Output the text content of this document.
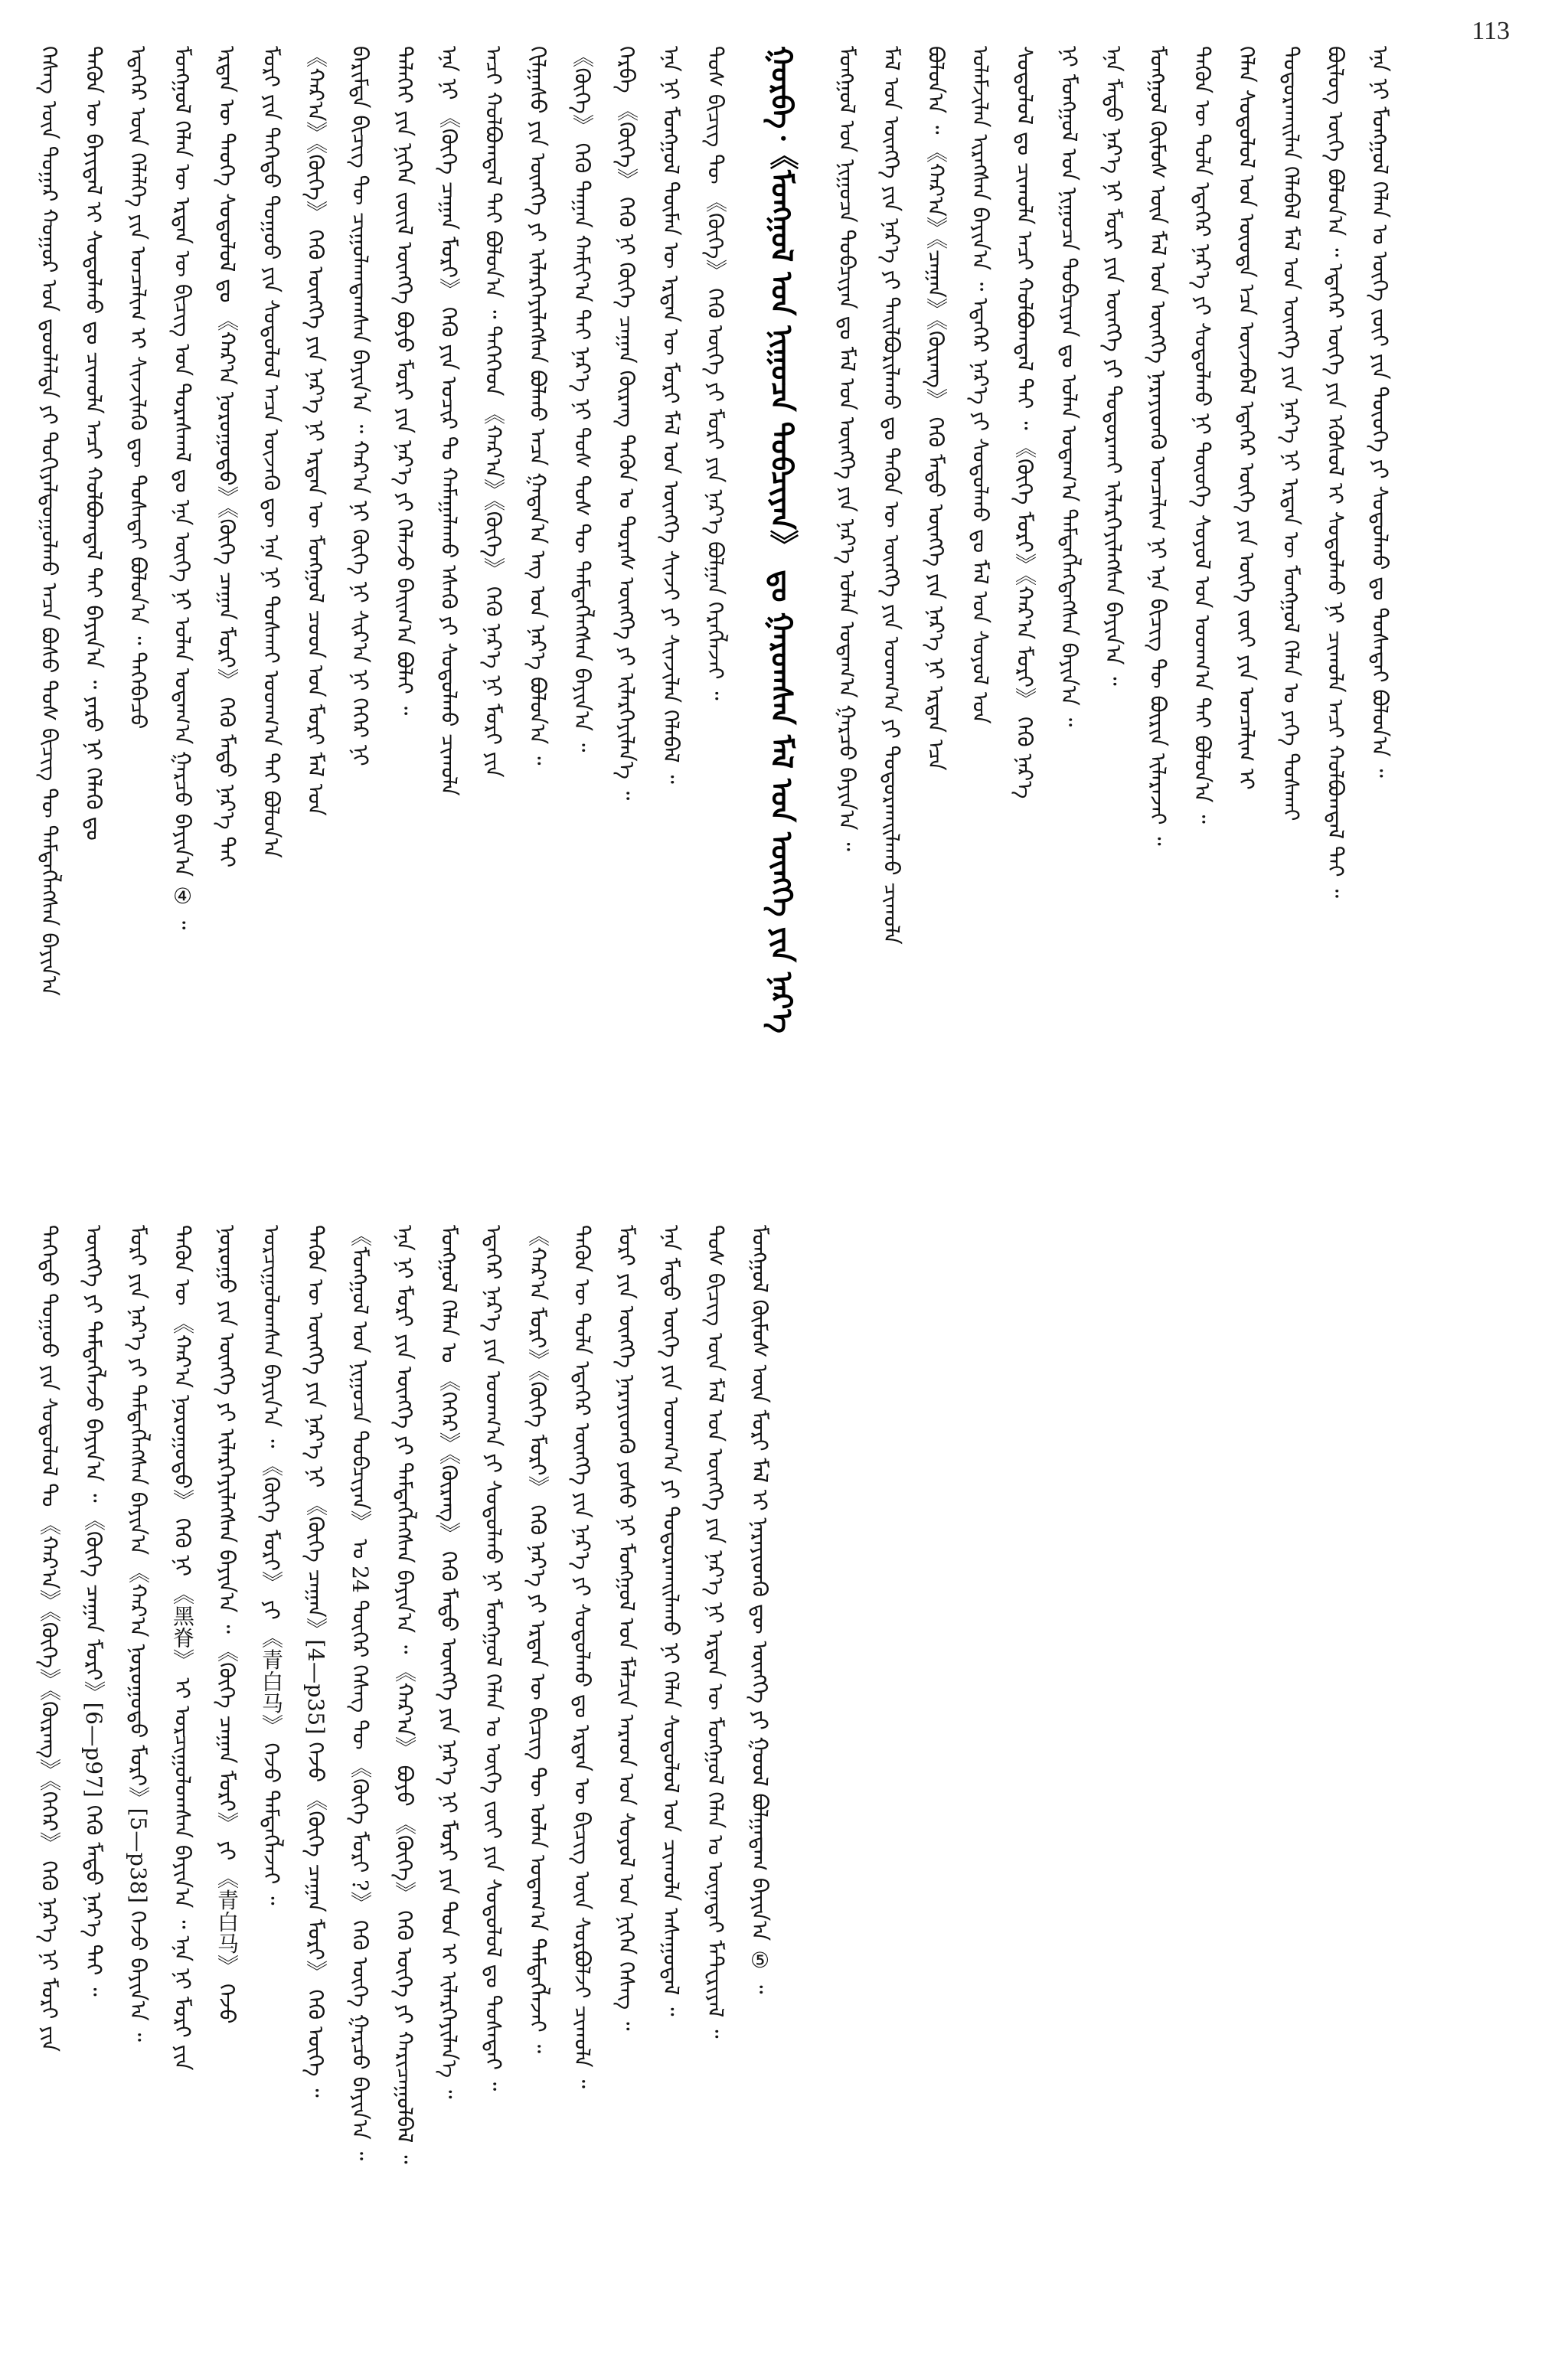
113
ᠬᠡᠰᠡᠭ ᠦᠨ ᠳᠤᠭᠠᠷ ᠬᠤᠭᠤᠷ ᠤᠨ ᠳ᠋ᠤᠤᠯᠠᠯᠲᠠ ᠶᠢ ᠲᠤᠬᠢᠶᠠᠯᠳᠤᠭᠤᠯᠬᠤ ᠠᠴᠠ ᠪᠤᠰᠤ ᠲᠤᠰ ᠪᠢᠴᠢᠭ ᠲᠦ ᠲᠡᠮᠳᠡᠭᠯᠡᠭᠰᠡᠨ ᠪᠠᠶᠢᠨ᠎ᠠ ᠲᠡᠭᠦᠨ ᠦ ᠪᠠᠶᠢᠳᠠᠯ ᠢ ᠰᠤᠳᠤᠯᠬᠤ ᠳᠤ ᠴᠢᠬᠤᠯᠠ ᠠᠴᠢ ᠬᠣᠯᠪᠣᠭᠳᠠᠯ ᠲᠠᠶ ᠪᠠᠶᠢᠨ᠎ᠠ ᠃ ᠶᠡᠷᠦ ᠨᠢ ᠬᠡᠯᠡᠬᠦ ᠳᠤ ᠡᠳᠡᠭᠡᠷ ᠦᠨ ᠬᠡᠯᠡᠯᠭᠡ ᠶᠢᠨ ᠤᠨᠴᠠᠯᠢᠭ ᠢ ᠰᠢᠨᠵᠢᠯᠡᠬᠦ ᠳᠦ ᠲᠤᠰᠠᠲᠠᠢ ᠪᠣᠯᠤᠨ᠎ᠠ ᠃ ᠲᠡᠭᠡᠪᠡᠴᠦ ᠮᠣᠩᠭᠣᠯ ᠬᠡᠯᠡᠨ ᠦ ᠡᠷᠲᠡᠨ ᠦ ᠪᠢᠴᠢᠭ ᠤᠨ ᠳᠤᠷᠠᠰᠬᠠᠯ ᠳᠤ ᠡᠨᠡ ᠦᠭᠡ ᠨᠢ ᠣᠯᠠᠨ ᠤᠳᠠᠭ᠎ᠠ ᠭᠠᠷᠴᠤ ᠪᠠᠶᠢᠨ᠎ᠠ ④ ᠃ ᠡᠷᠲᠡᠨ ᠦ ᠲᠡᠦᠬᠡ ᠰᠤᠳᠤᠯᠤᠯ ᠳᠤ 《ᠬᠠᠷ᠎ᠠ ᠨᠤᠷᠤᠭᠤᠲᠤ》《ᠬᠦᠬᠡ ᠴᠠᠭᠠᠨ ᠮᠣᠷᠢ》 ᠭᠡᠬᠦ ᠮᠡᠲᠦ ᠨᠡᠷ᠎ᠡ ᠲᠠᠢ ᠮᠣᠷᠢ ᠶᠢᠨ ᠳᠡᠭᠡᠳᠦ ᠳᠤᠭᠤᠤ ᠶᠢᠨ ᠰᠤᠳᠤᠯᠤᠯ ᠠᠴᠠ ᠦᠵᠡᠬᠦ ᠳᠦ ᠡᠨᠡ ᠨᠢ ᠲᠤᠰᠬᠠᠢ ᠤᠳᠬ᠎ᠠ ᠲᠠᠢ ᠪᠣᠯᠤᠨ᠎ᠠ 《ᠬᠠᠷ᠎ᠠ》《ᠬᠦᠬᠡ》 ᠭᠡᠬᠦ ᠦᠩᠭᠡ ᠶᠢᠨ ᠨᠡᠷ᠎ᠡ ᠨᠢ ᠡᠷᠲᠡᠨ ᠦ ᠮᠣᠩᠭᠣᠯ ᠴᠤᠳ ᠤᠨ ᠮᠣᠷᠢ ᠮᠠᠯ ᠤᠨ ᠪᠠᠷᠢᠮᠲᠠ ᠪᠢᠴᠢᠭ ᠲᠦ ᠴᠢᠭᠤᠯᠠᠭᠳᠠᠭᠰᠠᠨ ᠪᠠᠶᠢᠨ᠎ᠠ ᠃ ᠬᠠᠷ᠎ᠠ ᠨᠢ ᠬᠦᠬᠡ ᠨᠢ ᠰᠢᠷ᠎ᠠ ᠨᠢ ᠬᠡᠭᠡᠷ ᠨᠢ ᠳᠡᠯᠡᠭᠡᠢ ᠶᠢᠨ ᠨᠢᠭᠡᠨ ᠵᠦᠢᠯ ᠦᠩᠭᠡ ᠪᠤᠶᠤ ᠮᠣᠷᠢ ᠶᠢᠨ ᠨᠡᠷ᠎ᠡ ᠶᠢ ᠬᠡᠯᠡᠵᠦ ᠪᠠᠢᠭ᠎ᠠ ᠪᠣᠯᠠᠢ ᠃ ᠡᠨᠡ ᠨᠢ 《ᠬᠦᠬᠡ ᠴᠠᠭᠠᠨ ᠮᠣᠷᠢ》 ᠭᠡᠬᠦ ᠶᠢᠨ ᠤᠴᠢᠷ ᠲᠤ ᠬᠠᠮᠠᠭᠠᠯᠠᠬᠤ ᠡᠰᠡᠬᠦ ᠶᠢ ᠰᠤᠳᠤᠯᠬᠤ ᠴᠢᠬᠤᠯᠠ ᠠᠴᠢ ᠬᠣᠯᠪᠣᠭᠳᠠᠯ ᠲᠠᠢ ᠪᠣᠯᠤᠨ᠎ᠠ ᠃ ᠲᠡᠭᠡᠭᠡᠳ 《ᠬᠠᠷ᠎ᠠ》《ᠬᠦᠬᠡ》 ᠭᠡᠬᠦ ᠨᠡᠷ᠎ᠡ ᠨᠢ ᠮᠣᠷᠢ ᠶᠢᠨ ᠬᠢᠯᠭᠠᠰᠤ ᠶᠢᠨ ᠦᠩᠭᠡ ᠶᠢ ᠢᠯᠡᠷᠬᠡᠶᠢᠯᠡᠭᠰᠡᠨ ᠪᠣᠯᠬᠤ ᠠᠴᠠ ᠭᠠᠳᠠᠨ᠎ᠠ ᠡᠩ ᠤᠨ ᠨᠡᠷ᠎ᠡ ᠪᠣᠯᠤᠨ᠎ᠠ ᠃ 《ᠬᠦᠬᠡ》 ᠭᠡᠬᠦ ᠳᠠᠭᠠᠨ ᠬᠠᠮᠢᠶ᠎ᠠ ᠲᠠᠢ ᠨᠡᠷ᠎ᠡ ᠨᠢ ᠲᠤᠰ ᠲᠤᠰ ᠲᠦ ᠲᠡᠮᠳᠡᠭᠯᠡᠭᠰᠡᠨ ᠪᠠᠶᠢᠨ᠎ᠠ ᠃ ᠬᠡᠷᠪᠡ 《ᠬᠦᠬᠡ》 ᠭᠡᠬᠦ ᠨᠢ ᠬᠦᠬᠡ ᠴᠠᠭᠠᠨ ᠬᠦᠷᠡᠩ ᠲᠡᠭᠦᠨ ᠤ ᠳᠤᠷᠠᠰ ᠦᠩᠭᠡ ᠶᠢ ᠢᠯᠡᠷᠬᠡᠶᠢᠯᠡᠨ᠎ᠡ ᠃ ᠡᠨᠡ ᠨᠢ ᠮᠣᠩᠭᠣᠯ ᠲᠦᠮᠡᠨ ᠦ ᠡᠷᠲᠡᠨ ᠦ ᠮᠣᠷᠢ ᠮᠠᠯ ᠤᠨ ᠦᠩᠭᠡ ᠰᠢᠨᠵᠢ ᠶᠢ ᠰᠢᠨᠵᠢᠯᠡᠨ ᠬᠡᠯᠡᠪᠡᠯ ᠃ ᠲᠤᠰ ᠪᠢᠴᠢᠭ ᠲᠦ 《ᠬᠦᠬᠡ》 ᠭᠡᠬᠦ ᠦᠭᠡ ᠶᠢ ᠮᠣᠷᠢ ᠶᠢᠨ ᠨᠡᠷ᠎ᠡ ᠪᠣᠯᠭᠠᠨ ᠬᠡᠷᠡᠭᠯᠡᠵᠡᠢ ᠃ ᠭᠤᠷᠪᠠ᠂《ᠮᠣᠩᠭᠣᠯ ᠤᠨ ᠨᠢᠭᠤᠴᠠ ᠲᠤᠪᠴᠢᠶᠠᠨ》 ᠳᠤ ᠭᠠᠷᠤᠭᠰᠠᠨ ᠮᠠᠯ ᠤᠨ ᠦᠩᠭᠡ ᠶᠢᠨ ᠨᠡᠷ᠎ᠡ ᠮᠣᠩᠭᠣᠯ ᠤᠨ ᠨᠢᠭᠤᠴᠠ ᠲᠤᠪᠴᠢᠶᠠᠨ ᠳᠤ ᠮᠠᠯ ᠤᠨ ᠦᠩᠭᠡ ᠶᠢᠨ ᠨᠡᠷ᠎ᠡ ᠣᠯᠠᠨ ᠤᠳᠠᠭ᠎ᠠ ᠭᠠᠷᠴᠤ ᠪᠠᠶᠢᠨ᠎ᠠ ᠃ ᠮᠠᠯ ᠤᠨ ᠦᠩᠭᠡ ᠶᠢᠨ ᠨᠡᠷ᠎ᠡ ᠶᠢ ᠲᠠᠢᠯᠪᠤᠷᠢᠯᠠᠬᠤ ᠳᠤ ᠲᠡᠭᠦᠨ ᠦ ᠦᠩᠭᠡ ᠶᠢᠨ ᠤᠳᠬ᠎ᠠ ᠶᠢ ᠲᠤᠳᠤᠷᠬᠠᠢᠯᠠᠬᠤ ᠴᠢᠬᠤᠯᠠ ᠪᠣᠯᠤᠨ᠎ᠠ ᠃ 《ᠬᠠᠷ᠎ᠠ》《ᠴᠠᠭᠠᠨ》《ᠬᠦᠷᠡᠩ》 ᠭᠡᠬᠦ ᠮᠡᠲᠦ ᠦᠩᠭᠡ ᠶᠢᠨ ᠨᠡᠷ᠎ᠡ ᠨᠢ ᠡᠷᠲᠡᠨ ᠡᠴᠡ ᠤᠯᠠᠮᠵᠢᠯᠠᠨ ᠢᠷᠡᠭᠰᠡᠨ ᠪᠠᠶᠢᠨ᠎ᠠ ᠃ ᠡᠳᠡᠭᠡᠷ ᠨᠡᠷ᠎ᠡ ᠶᠢ ᠰᠤᠳᠤᠯᠬᠤ ᠳᠤ ᠮᠠᠯ ᠤᠨ ᠰᠣᠶᠣᠯ ᠤᠨ ᠰᠤᠳᠤᠯᠤᠯ ᠳᠤ ᠴᠢᠬᠤᠯᠠ ᠠᠴᠢ ᠬᠣᠯᠪᠣᠭᠳᠠᠯ ᠲᠠᠢ ᠃ 《ᠬᠦᠬᠡ ᠮᠣᠷᠢ》《ᠬᠠᠷ᠎ᠠ ᠮᠣᠷᠢ》 ᠭᠡᠬᠦ ᠨᠡᠷ᠎ᠡ ᠨᠢ ᠮᠣᠩᠭᠣᠯ ᠤᠨ ᠨᠢᠭᠤᠴᠠ ᠲᠤᠪᠴᠢᠶᠠᠨ ᠳᠤ ᠣᠯᠠᠨ ᠤᠳᠠᠭ᠎ᠠ ᠲᠡᠮᠳᠡᠭᠯᠡᠭᠳᠡᠭᠰᠡᠨ ᠪᠠᠶᠢᠨ᠎ᠠ ᠃ ᠡᠨᠡ ᠮᠡᠲᠦ ᠨᠡᠷ᠎ᠡ ᠨᠢ ᠮᠣᠷᠢ ᠶᠢᠨ ᠦᠩᠭᠡ ᠶᠢ ᠲᠣᠳᠤᠷᠬᠠᠢ ᠢᠯᠡᠷᠬᠡᠶᠢᠯᠡᠭᠰᠡᠨ ᠪᠠᠶᠢᠨ᠎ᠠ ᠃ ᠮᠣᠩᠭᠣᠯ ᠬᠦᠮᠦᠰ ᠦᠨ ᠮᠠᠯ ᠤᠨ ᠦᠩᠭᠡ ᠨᠡᠷᠡᠶᠢᠳᠬᠦ ᠣᠨᠴᠠᠯᠢᠭ ᠨᠢ ᠡᠨᠡ ᠪᠢᠴᠢᠭ ᠲᠦ ᠪᠦᠷᠢᠨ ᠢᠯᠡᠷᠡᠵᠡᠢ ᠃ ᠲᠡᠭᠦᠨ ᠦ ᠲᠤᠯᠠ ᠡᠳᠡᠭᠡᠷ ᠨᠡᠷ᠎ᠡ ᠶᠢ ᠰᠤᠳᠤᠯᠬᠤ ᠨᠢ ᠲᠦᠦᠬᠡ ᠰᠣᠶᠣᠯ ᠤᠨ ᠤᠳᠬ᠎ᠠ ᠲᠠᠢ ᠪᠣᠯᠤᠨ᠎ᠠ ᠃ ᠬᠡᠯᠡᠨ ᠰᠤᠳᠤᠯᠤᠯ ᠤᠨ ᠦᠦᠳᠡ ᠡᠴᠡ ᠦᠵᠡᠪᠡᠯ ᠡᠳᠡᠭᠡᠷ ᠦᠭᠡ ᠶᠢᠨ ᠦᠭᠡ ᠵᠦᠢ ᠶᠢᠨ ᠤᠨᠴᠠᠯᠢᠭ ᠢ ᠲᠣᠳᠤᠷᠬᠠᠢᠯᠠᠨ ᠬᠡᠯᠡᠪᠡᠯ ᠮᠠᠯ ᠤᠨ ᠦᠩᠭᠡ ᠶᠢᠨ ᠨᠡᠷ᠎ᠡ ᠨᠢ ᠡᠷᠲᠡᠨ ᠦ ᠮᠣᠩᠭᠣᠯ ᠬᠡᠯᠡᠨ ᠤ ᠶᠡᠬᠡ ᠲᠤᠰᠬᠠᠢ ᠪᠦᠯᠦᠭ ᠦᠭᠡ ᠪᠣᠯᠤᠨ᠎ᠠ ᠃ ᠡᠳᠡᠭᠡᠷ ᠦᠭᠡ ᠶᠢᠨ ᠡᠭᠦᠰᠦᠯ ᠢ ᠰᠤᠳᠤᠯᠬᠤ ᠨᠢ ᠴᠢᠬᠤᠯᠠ ᠠᠴᠢ ᠬᠣᠯᠪᠣᠭᠳᠠᠯ ᠲᠠᠢ ᠃ ᠡᠨᠡ ᠨᠢ ᠮᠣᠩᠭᠣᠯ ᠬᠡᠯᠡᠨ ᠤ ᠦᠭᠡ ᠵᠦᠢ ᠶᠢᠨ ᠲᠦᠦᠬᠡ ᠶᠢ ᠰᠤᠳᠤᠯᠬᠤ ᠳᠤ ᠲᠤᠰᠠᠲᠠᠢ ᠪᠣᠯᠤᠨ᠎ᠠ ᠃
ᠳᠡᠭᠡᠳᠦ ᠳᠤᠭᠤᠤ ᠶᠢᠨ ᠰᠤᠳᠤᠯᠤᠯ ᠲᠤ 《ᠬᠠᠷ᠎ᠠ》《ᠬᠦᠬᠡ》《ᠬᠦᠷᠡᠩ》《ᠬᠡᠭᠡᠷ》 ᠭᠡᠬᠦ ᠨᠡᠷ᠎ᠡ ᠨᠢ ᠮᠣᠷᠢ ᠶᠢᠨ ᠦᠩᠭᠡ ᠶᠢ ᠲᠡᠮᠳᠡᠭᠯᠡᠵᠦ ᠪᠠᠶᠢᠨ᠎ᠠ ᠃ 《ᠬᠦᠬᠡ ᠴᠠᠭᠠᠨ ᠮᠣᠷᠢ》[6—p97] ᠭᠡᠬᠦ ᠮᠡᠲᠦ ᠨᠡᠷ᠎ᠡ ᠲᠠᠢ ᠃ ᠮᠣᠷᠢ ᠶᠢᠨ ᠨᠡᠷ᠎ᠡ ᠶᠢ ᠲᠡᠮᠳᠡᠭᠯᠡᠭᠰᠡᠨ ᠪᠠᠶᠢᠨ᠎ᠠ 《ᠬᠠᠷ᠎ᠠ ᠨᠤᠷᠤᠭᠤᠲᠤ ᠮᠣᠷᠢ》[5—p38] ᠭᠡᠵᠦ ᠪᠠᠶᠢᠨ᠎ᠠ ᠃ ᠲᠡᠭᠦᠨ ᠦ 《ᠬᠠᠷ᠎ᠠ ᠨᠤᠷᠤᠭᠤᠲᠤ》 ᠭᠡᠬᠦ ᠨᠢ 《黑脊》 ᠢ ᠣᠷᠴᠢᠭᠤᠯᠤᠭᠰᠠᠨ ᠪᠠᠶᠢᠨ᠎ᠠ ᠃ ᠡᠨᠡ ᠨᠢ ᠮᠣᠷᠢ ᠶᠢᠨ ᠨᠤᠷᠤᠭᠤ ᠶᠢᠨ ᠦᠩᠭᠡ ᠶᠢ ᠢᠯᠡᠷᠬᠡᠶᠢᠯᠡᠭᠰᠡᠨ ᠪᠠᠶᠢᠨ᠎ᠠ ᠃ 《ᠬᠦᠬᠡ ᠴᠠᠭᠠᠨ ᠮᠣᠷᠢ》 ᠶᠢ 《青白马》 ᠭᠡᠵᠦ ᠣᠷᠴᠢᠭᠤᠯᠤᠭᠰᠠᠨ ᠪᠠᠶᠢᠨ᠎ᠠ ᠃ 《ᠬᠦᠬᠡ ᠮᠣᠷᠢ》 ᠶᠢ 《青白马》 ᠭᠡᠵᠦ ᠲᠡᠮᠳᠡᠭᠯᠡᠵᠡᠢ ᠃ ᠲᠡᠭᠦᠨ ᠦ ᠦᠩᠭᠡ ᠶᠢᠨ ᠨᠡᠷ᠎ᠡ ᠨᠢ 《ᠬᠦᠬᠡ ᠴᠠᠭᠠᠨ》[4—p35] ᠭᠡᠵᠦ 《ᠬᠦᠬᠡ ᠴᠠᠭᠠᠨ ᠮᠣᠷᠢ》 ᠭᠡᠬᠦ ᠦᠭᠡ ᠃ 《ᠮᠣᠩᠭᠣᠯ ᠤᠨ ᠨᠢᠭᠤᠴᠠ ᠲᠤᠪᠴᠢᠶᠠᠨ》 ᠤ 24 ᠳᠦᠭᠡᠷ ᠬᠡᠰᠡᠭ ᠲᠦ 《ᠬᠦᠬᠡ ᠮᠣᠷᠢ ?》 ᠭᠡᠬᠦ ᠦᠭᠡ ᠭᠠᠷᠴᠤ ᠪᠠᠶᠢᠨ᠎ᠠ ᠃ ᠡᠨᠡ ᠨᠢ ᠮᠣᠷᠢ ᠶᠢᠨ ᠦᠩᠭᠡ ᠶᠢ ᠲᠡᠮᠳᠡᠭᠯᠡᠭᠰᠡᠨ ᠪᠠᠶᠢᠨ᠎ᠠ ᠃ 《ᠬᠠᠷ᠎ᠠ》 ᠪᠤᠶᠤ 《ᠬᠦᠬᠡ》 ᠭᠡᠬᠦ ᠦᠭᠡ ᠶᠢ ᠬᠠᠷᠢᠴᠠᠭᠤᠯᠪᠠᠯ ᠃ ᠮᠣᠩᠭᠣᠯ ᠬᠡᠯᠡᠨ ᠤ 《ᠬᠡᠭᠡᠷ》《ᠬᠦᠷᠡᠩ》 ᠭᠡᠬᠦ ᠮᠡᠲᠦ ᠦᠩᠭᠡ ᠶᠢᠨ ᠨᠡᠷ᠎ᠡ ᠨᠢ ᠮᠣᠷᠢ ᠶᠢᠨ ᠳᠤᠨ ᠢ ᠢᠯᠡᠷᠬᠡᠶᠢᠯᠡᠨ᠎ᠡ ᠃ ᠡᠳᠡᠭᠡᠷ ᠨᠡᠷ᠎ᠡ ᠶᠢᠨ ᠤᠳᠬ᠎ᠠ ᠶᠢ ᠰᠤᠳᠤᠯᠬᠤ ᠨᠢ ᠮᠣᠩᠭᠣᠯ ᠬᠡᠯᠡᠨ ᠤ ᠦᠭᠡ ᠵᠦᠢ ᠶᠢᠨ ᠰᠤᠳᠤᠯᠤᠯ ᠳᠤ ᠲᠤᠰᠠᠲᠠᠢ ᠃ 《ᠬᠠᠷ᠎ᠠ ᠮᠣᠷᠢ》《ᠬᠦᠬᠡ ᠮᠣᠷᠢ》 ᠭᠡᠬᠦ ᠨᠡᠷ᠎ᠡ ᠶᠢ ᠡᠷᠲᠡᠨ ᠦ ᠪᠢᠴᠢᠭ ᠲᠦ ᠣᠯᠠᠨ ᠤᠳᠠᠭ᠎ᠠ ᠲᠡᠮᠳᠡᠭᠯᠡᠵᠡᠢ ᠃ ᠲᠡᠭᠦᠨ ᠦ ᠲᠤᠯᠠ ᠡᠳᠡᠭᠡᠷ ᠦᠩᠭᠡ ᠶᠢᠨ ᠨᠡᠷ᠎ᠡ ᠶᠢ ᠰᠤᠳᠤᠯᠬᠤ ᠳᠤ ᠡᠷᠲᠡᠨ ᠦ ᠪᠢᠴᠢᠭ ᠦᠨ ᠰᠤᠷᠪᠤᠯᠵᠢ ᠴᠢᠬᠤᠯᠠ ᠃ ᠮᠣᠷᠢ ᠶᠢᠨ ᠦᠩᠭᠡ ᠨᠡᠷᠡᠶᠢᠳᠬᠦ ᠶᠣᠰᠣ ᠨᠢ ᠮᠣᠩᠭᠣᠯ ᠤᠨ ᠮᠠᠯᠴᠢᠨ ᠠᠷᠠᠳ ᠤᠨ ᠰᠣᠶᠣᠯ ᠤᠨ ᠨᠢᠭᠡᠨ ᠬᠡᠰᠡᠭ ᠃ ᠡᠨᠡ ᠮᠡᠲᠦ ᠦᠭᠡ ᠶᠢᠨ ᠤᠳᠬ᠎ᠠ ᠶᠢ ᠲᠣᠳᠤᠷᠬᠠᠢᠯᠠᠬᠤ ᠨᠢ ᠬᠡᠯᠡᠨ ᠰᠤᠳᠤᠯᠤᠯ ᠤᠨ ᠴᠢᠬᠤᠯᠠ ᠠᠰᠠᠭᠤᠳᠠᠯ ᠃ ᠲᠤᠰ ᠪᠢᠴᠢᠭ ᠦᠨ ᠮᠠᠯ ᠤᠨ ᠦᠩᠭᠡ ᠶᠢᠨ ᠨᠡᠷ᠎ᠡ ᠨᠢ ᠡᠷᠲᠡᠨ ᠦ ᠮᠣᠩᠭᠣᠯ ᠬᠡᠯᠡᠨ ᠤ ᠦᠨᠡᠳᠡᠢ ᠮᠠᠲ᠋ᠧᠷᠢᠶᠠᠯ ᠃ ᠮᠣᠩᠭᠣᠯ ᠬᠦᠮᠦᠰ ᠦᠨ ᠮᠣᠷᠢ ᠮᠠᠯ ᠢ ᠨᠡᠷᠡᠶᠢᠳᠬᠦ ᠳᠦ ᠦᠩᠭᠡ ᠶᠢ ᠭᠣᠤᠯ ᠪᠣᠯᠭᠠᠳᠠᠭ ᠪᠠᠶᠢᠨ᠎ᠠ ⑤ ᠃
